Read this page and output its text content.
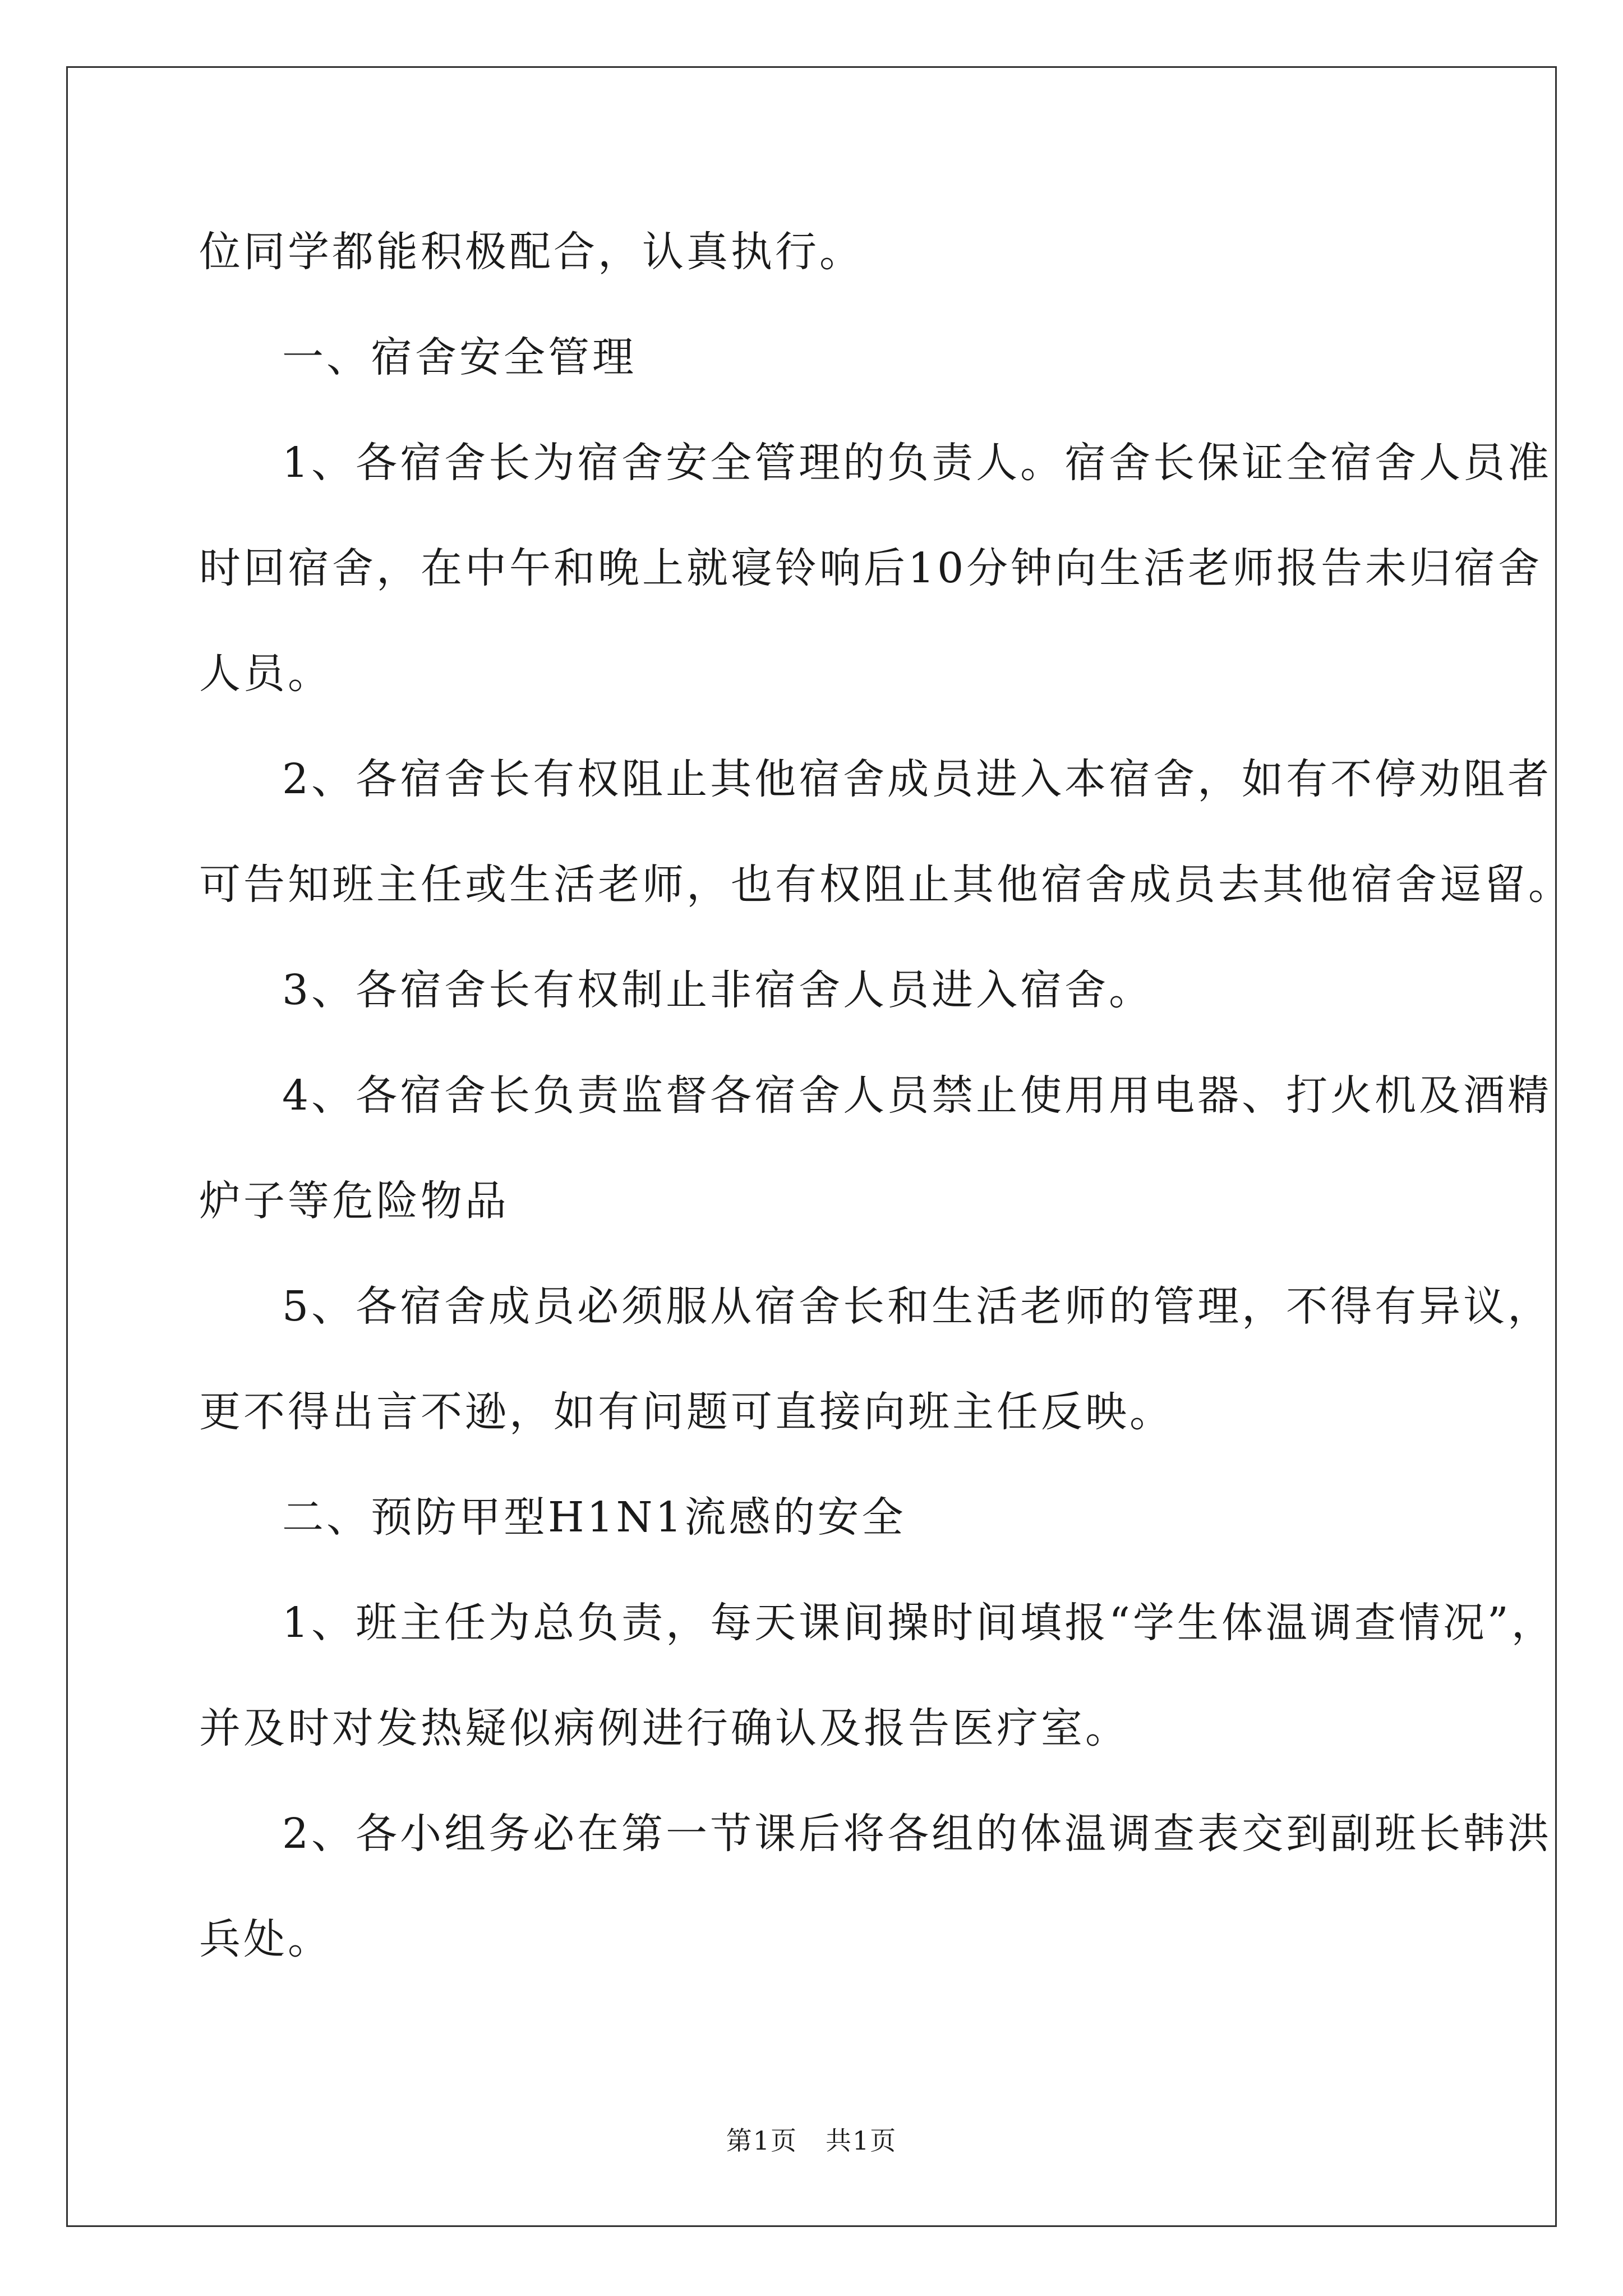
位同学都能积极配合，认真执行。
一、宿舍安全管理
1、各宿舍长为宿舍安全管理的负责人。宿舍长保证全宿舍人员准
时回宿舍，在中午和晚上就寝铃响后10分钟向生活老师报告未归宿舍
人员。
2、各宿舍长有权阻止其他宿舍成员进入本宿舍，如有不停劝阻者
可告知班主任或生活老师，也有权阻止其他宿舍成员去其他宿舍逗留。
3、各宿舍长有权制止非宿舍人员进入宿舍。
4、各宿舍长负责监督各宿舍人员禁止使用用电器、打火机及酒精
炉子等危险物品
5、各宿舍成员必须服从宿舍长和生活老师的管理，不得有异议，
更不得出言不逊，如有问题可直接向班主任反映。
二、预防甲型H1N1流感的安全
1、班主任为总负责，每天课间操时间填报“学生体温调查情况”，
并及时对发热疑似病例进行确认及报告医疗室。
2、各小组务必在第一节课后将各组的体温调查表交到副班长韩洪
兵处。
第1页 共1页
